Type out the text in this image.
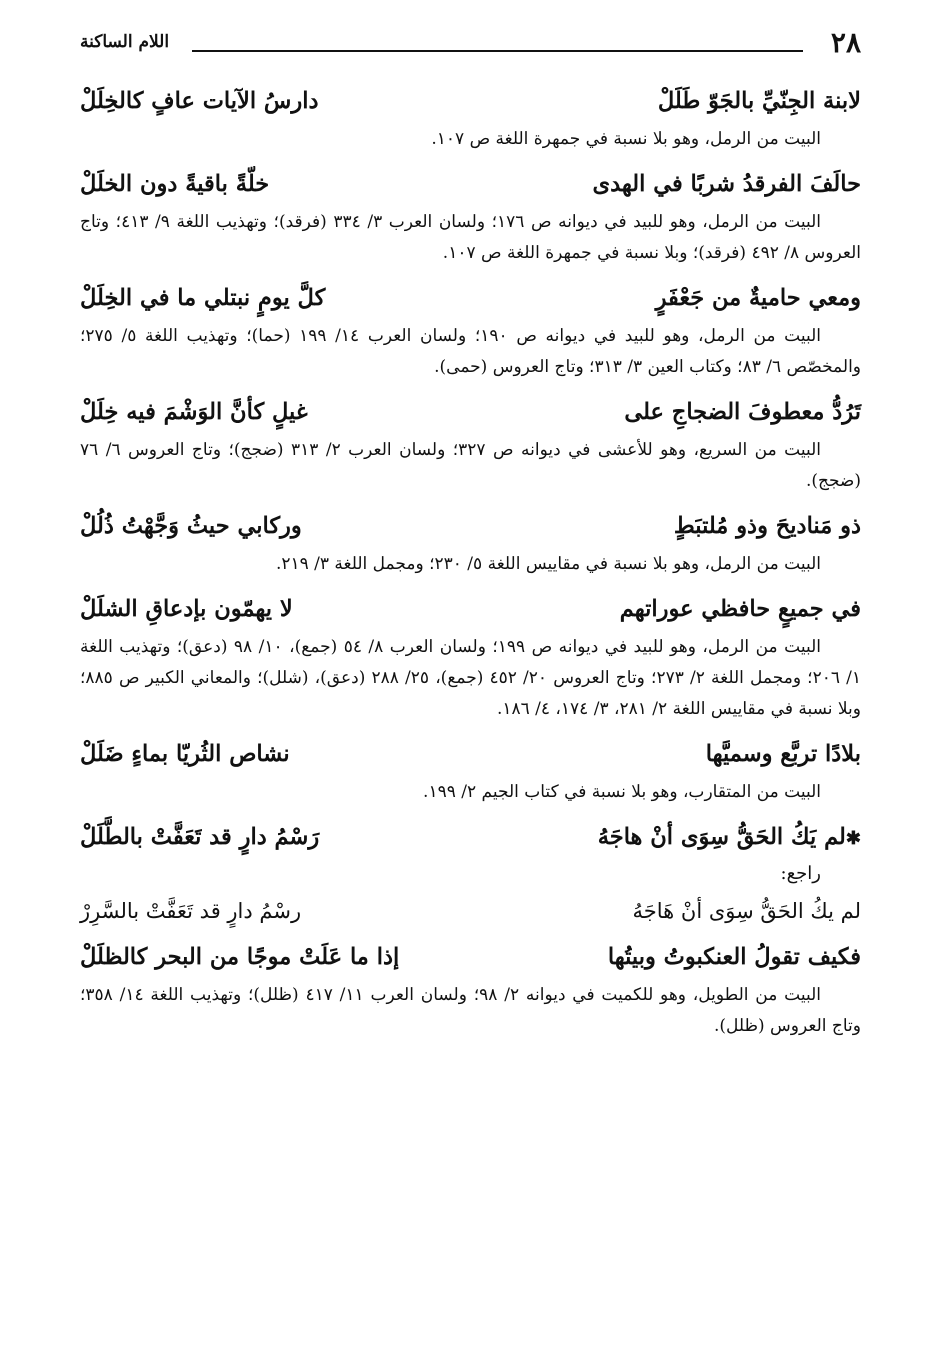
٢٨
اللام الساكنة
لابنة الجِنّيِّ بالجَوّ طَلَلْ
دارسُ الآيات عافٍ كالخِلَلْ

البيت من الرمل، وهو بلا نسبة في جمهرة اللغة ص ١٠٧.

حالَفَ الفرقدُ شربًا في الهدى
خلّةً باقيةً دون الخلَلْ

البيت من الرمل، وهو للبيد في ديوانه ص ١٧٦؛ ولسان العرب ٣/ ٣٣٤ (فرقد)؛ وتهذيب اللغة ٩/ ٤١٣؛ وتاج العروس ٨/ ٤٩٢ (فرقد)؛ وبلا نسبة في جمهرة اللغة ص ١٠٧.

ومعي حاميةٌ من جَعْفَرٍ
كلَّ يومٍ نبتلي ما في الخِلَلْ

البيت من الرمل، وهو للبيد في ديوانه ص ١٩٠؛ ولسان العرب ١٤/ ١٩٩ (حما)؛ وتهذيب اللغة ٥/ ٢٧٥؛ والمخصّص ٦/ ٨٣؛ وكتاب العين ٣/ ٣١٣؛ وتاج العروس (حمى).

تَرُدُّ معطوفَ الضجاجِ على
غيلٍ كأنَّ الوَشْمَ فيه خِلَلْ

البيت من السريع، وهو للأعشى في ديوانه ص ٣٢٧؛ ولسان العرب ٢/ ٣١٣ (ضجج)؛ وتاج العروس ٦/ ٧٦ (ضجج).

ذو مَناديحَ وذو مُلتبَطٍ
وركابي حيثُ وَجَّهْتُ ذُلُلْ

البيت من الرمل، وهو بلا نسبة في مقاييس اللغة ٥/ ٢٣٠؛ ومجمل اللغة ٣/ ٢١٩.

في جميعٍ حافظي عوراتهم
لا يهمّون بإدعاقِ الشلَلْ

البيت من الرمل، وهو للبيد في ديوانه ص ١٩٩؛ ولسان العرب ٨/ ٥٤ (جمع)، ١٠/ ٩٨ (دعق)؛ وتهذيب اللغة ١/ ٢٠٦؛ ومجمل اللغة ٢/ ٢٧٣؛ وتاج العروس ٢٠/ ٤٥٢ (جمع)، ٢٥/ ٢٨٨ (دعق)، (شلل)؛ والمعاني الكبير ص ٨٨٥؛ وبلا نسبة في مقاييس اللغة ٢/ ٢٨١، ٣/ ١٧٤، ٤/ ١٨٦.

بلادًا تربَّع وسميَّها
نشاص الثُريّا بماءٍ ضَلَلْ

البيت من المتقارب، وهو بلا نسبة في كتاب الجيم ٢/ ١٩٩.

✱ لم يَكُ الحَقُّ سِوَى أنْ هاجَهُ
رَسْمُ دارٍ قد تَعَفَّتْ بالطَّلَلْ
راجع:
لم يكُ الحَقُّ سِوَى أنْ هَاجَهُ
رسْمُ دارٍ قد تَعَفَّتْ بالسَّرِرْ
فكيف تقولُ العنكبوتُ وبيتُها
إذا ما عَلَتْ موجًا من البحر كالظلَلْ

البيت من الطويل، وهو للكميت في ديوانه ٢/ ٩٨؛ ولسان العرب ١١/ ٤١٧ (ظلل)؛ وتهذيب اللغة ١٤/ ٣٥٨؛ وتاج العروس (ظلل).
